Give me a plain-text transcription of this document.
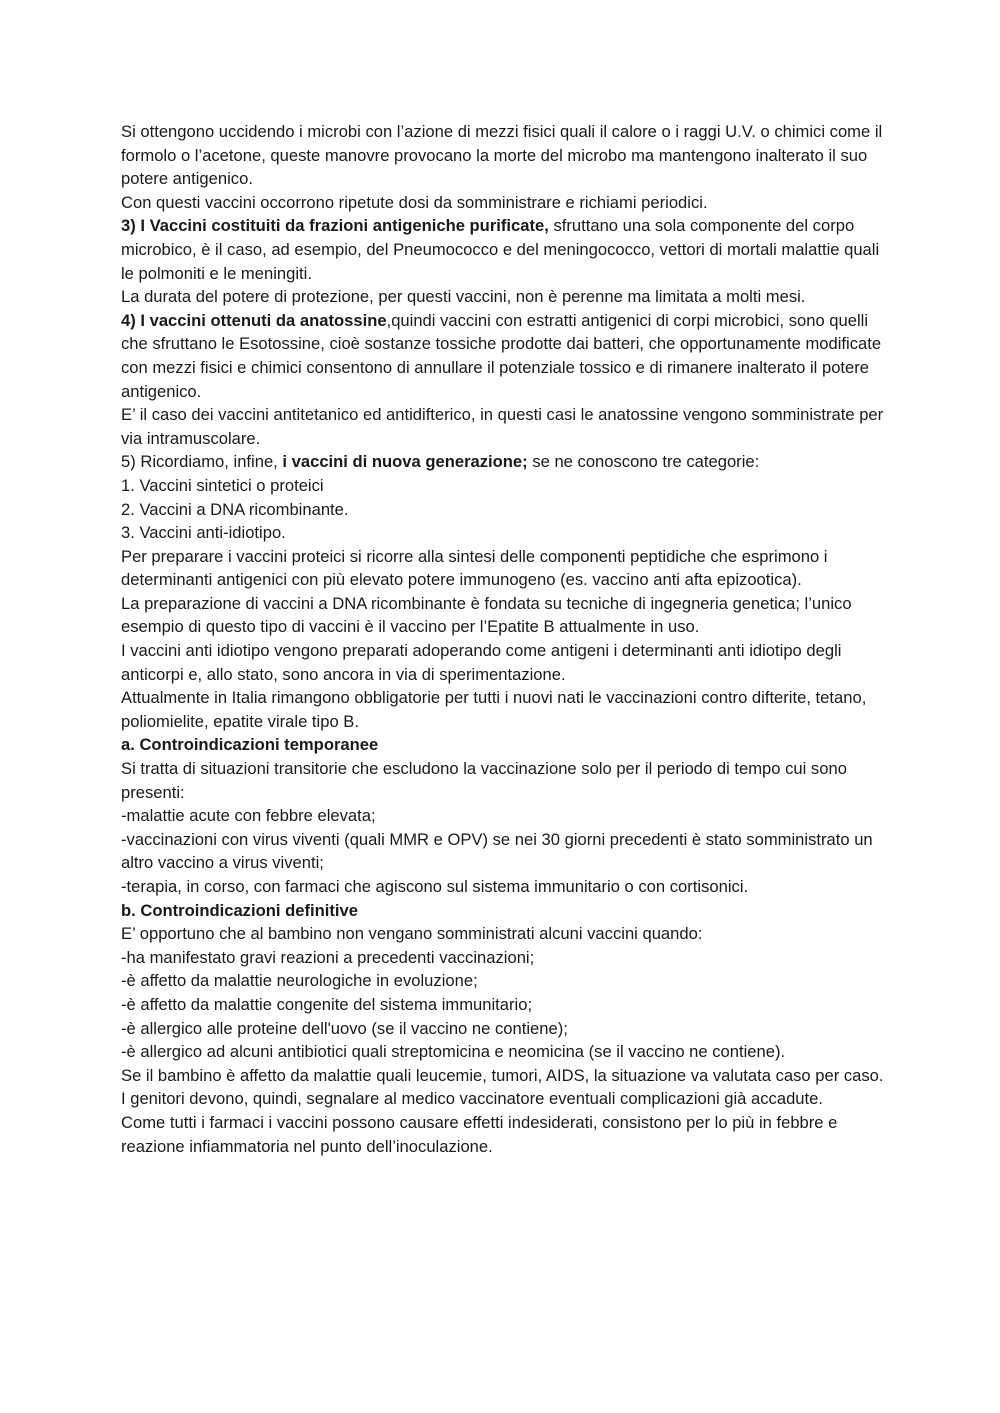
Si ottengono uccidendo i microbi con l’azione di mezzi fisici quali il calore o i raggi U.V. o chimici come il formolo o l’acetone, queste manovre provocano la morte del microbo ma mantengono inalterato il suo potere antigenico.

Con questi vaccini occorrono ripetute dosi da somministrare e richiami periodici.

3) I Vaccini costituiti da frazioni antigeniche purificate, sfruttano una sola componente del corpo microbico, è il caso, ad esempio, del Pneumococco e del meningococco, vettori di mortali malattie quali le polmoniti e le meningiti.

La durata del potere di protezione, per questi vaccini, non è perenne ma limitata a molti mesi.

4) I vaccini ottenuti da anatossine,quindi vaccini con estratti antigenici di corpi microbici, sono quelli che sfruttano le Esotossine, cioè sostanze tossiche prodotte dai batteri, che opportunamente modificate con mezzi fisici e chimici consentono di annullare il potenziale tossico e di rimanere inalterato il potere antigenico.

E’ il caso dei vaccini antitetanico ed antidifterico, in questi casi le anatossine vengono somministrate per via intramuscolare.

5) Ricordiamo, infine, i vaccini di nuova generazione; se ne conoscono tre categorie:

1. Vaccini sintetici o proteici

2. Vaccini a DNA ricombinante.

3. Vaccini anti-idiotipo.

Per preparare i vaccini proteici si ricorre alla sintesi delle componenti peptidiche che esprimono i determinanti antigenici con più elevato potere immunogeno (es. vaccino anti afta epizootica).

La preparazione di vaccini a DNA ricombinante è fondata su tecniche di ingegneria genetica; l’unico esempio di questo tipo di vaccini è il vaccino per l’Epatite B attualmente in uso.

I vaccini anti idiotipo vengono preparati adoperando come antigeni i determinanti anti idiotipo degli anticorpi e, allo stato, sono ancora in via di sperimentazione.

Attualmente in Italia rimangono obbligatorie per tutti i nuovi nati le vaccinazioni contro difterite, tetano, poliomielite, epatite virale tipo B.

a. Controindicazioni temporanee

Si tratta di situazioni transitorie che escludono la vaccinazione solo per il periodo di tempo cui sono presenti:

-malattie acute con febbre elevata;

-vaccinazioni con virus viventi (quali MMR e OPV) se nei 30 giorni precedenti è stato somministrato un altro vaccino a virus viventi;

-terapia, in corso, con farmaci che agiscono sul sistema immunitario o con cortisonici.

b. Controindicazioni definitive

E’ opportuno che al bambino non vengano somministrati alcuni vaccini quando:

-ha manifestato gravi reazioni a precedenti vaccinazioni;

-è affetto da malattie neurologiche in evoluzione;

-è affetto da malattie congenite del sistema immunitario;

-è allergico alle proteine dell'uovo (se il vaccino ne contiene);

-è allergico ad alcuni antibiotici quali streptomicina e neomicina (se il vaccino ne contiene).

Se il bambino è affetto da malattie quali leucemie, tumori, AIDS, la situazione va valutata caso per caso.

I genitori devono, quindi, segnalare al medico vaccinatore eventuali complicazioni già accadute.

Come tutti i farmaci i vaccini possono causare effetti indesiderati, consistono per lo più in febbre e reazione infiammatoria nel punto dell’inoculazione.
